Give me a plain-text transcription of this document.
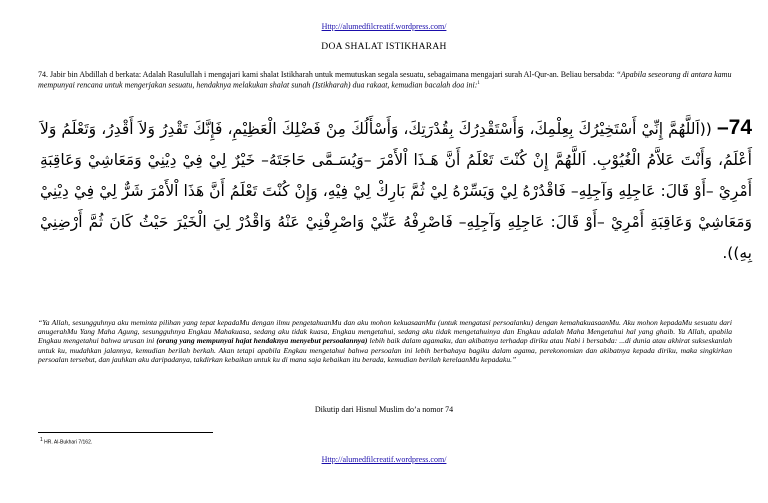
Http://alumedfilcreatif.wordpress.com/
DOA SHALAT ISTIKHARAH
74. Jabir bin Abdillah d berkata: Adalah Rasulullah i mengajari kami shalat Istikharah untuk memutuskan segala sesuatu, sebagaimana mengajari surah Al-Qur-an. Beliau bersabda: “Apabila seseorang di antara kamu mempunyai rencana untuk mengerjakan sesuatu, hendaknya melakukan shalat sunah (Istikharah) dua rakaat, kemudian bacalah doa ini:$^1$
74– ((اَللَّهُمَّ إِنِّيْ أَسْتَخِيْرُكَ بِعِلْمِكَ، وَأَسْتَقْدِرُكَ بِقُدْرَتِكَ، وَأَسْأَلُكَ مِنْ فَضْلِكَ الْعَظِيْمِ، فَإِنَّكَ تَقْدِرُ وَلاَ أَقْدِرُ، وَتَعْلَمُ وَلاَ أَعْلَمُ، وَأَنْتَ عَلاَّمُ الْغُيُوْبِ. اَللَّهُمَّ إِنْ كُنْتَ تَعْلَمُ أَنَّ هَـذَا اْلأَمْرَ –وَيُسَـمَّى حَاجَتَهُ– خَيْرٌ لِيْ فِيْ دِيْنِيْ وَمَعَاشِيْ وَعَاقِبَةِ أَمْرِيْ –أَوْ قَالَ: عَاجِلِهِ وَآجِلِهِ– فَاقْدُرْهُ لِيْ وَيَسِّرْهُ لِيْ ثُمَّ بَارِكْ لِيْ فِيْهِ، وَإِنْ كُنْتَ تَعْلَمُ أَنَّ هَذَا اْلأَمْرَ شَرٌّ لِيْ فِيْ دِيْنِيْ وَمَعَاشِيْ وَعَاقِبَةِ أَمْرِيْ –أَوْ قَالَ: عَاجِلِهِ وَآجِلِهِ– فَاصْرِفْهُ عَنِّيْ وَاصْرِفْنِيْ عَنْهُ وَاقْدُرْ لِيَ الْخَيْرَ حَيْثُ كَانَ ثُمَّ أَرْضِنِيْ بِهِ)).
“Ya Allah, sesungguhnya aku meminta pilihan yang tepat kepadaMu dengan ilmu pengetahuanMu dan aku mohon kekuasaanMu (untuk mengatasi persoalanku) dengan kemahakuasaanMu. Aku mohon kepadaMu sesuatu dari anugerahMu Yang Maha Agung, sesungguhnya Engkau Mahakuasa, sedang aku tidak kuasa, Engkau mengetahui, sedang aku tidak mengetahuinya dan Engkau adalah Maha Mengetahui hal yang ghaib. Ya Allah, apabila Engkau mengetahui bahwa urusan ini (orang yang mempunyai hajat hendaknya menyebut persoalannya) lebih baik dalam agamaku, dan akibatnya terhadap diriku atau Nabi i bersabda: ...di dunia atau akhirat sukseskanlah untuk ku, mudahkan jalannya, kemudian berilah berkah. Akan tetapi apabila Engkau mengetahui bahwa persoalan ini lebih berbahaya bagiku dalam agama, perekonomian dan akibatnya kepada diriku, maka singkirkan persoalan tersebut, dan jauhkan aku daripadanya, takdirkan kebaikan untuk ku di mana saja kebaikan itu berada, kemudian berilah kerelaanMu kepadaku.”
Dikutip dari Hisnul Muslim do’a nomor 74
$^1$ HR. Al-Bukhari 7/162.
Http://alumedfilcreatif.wordpress.com/
